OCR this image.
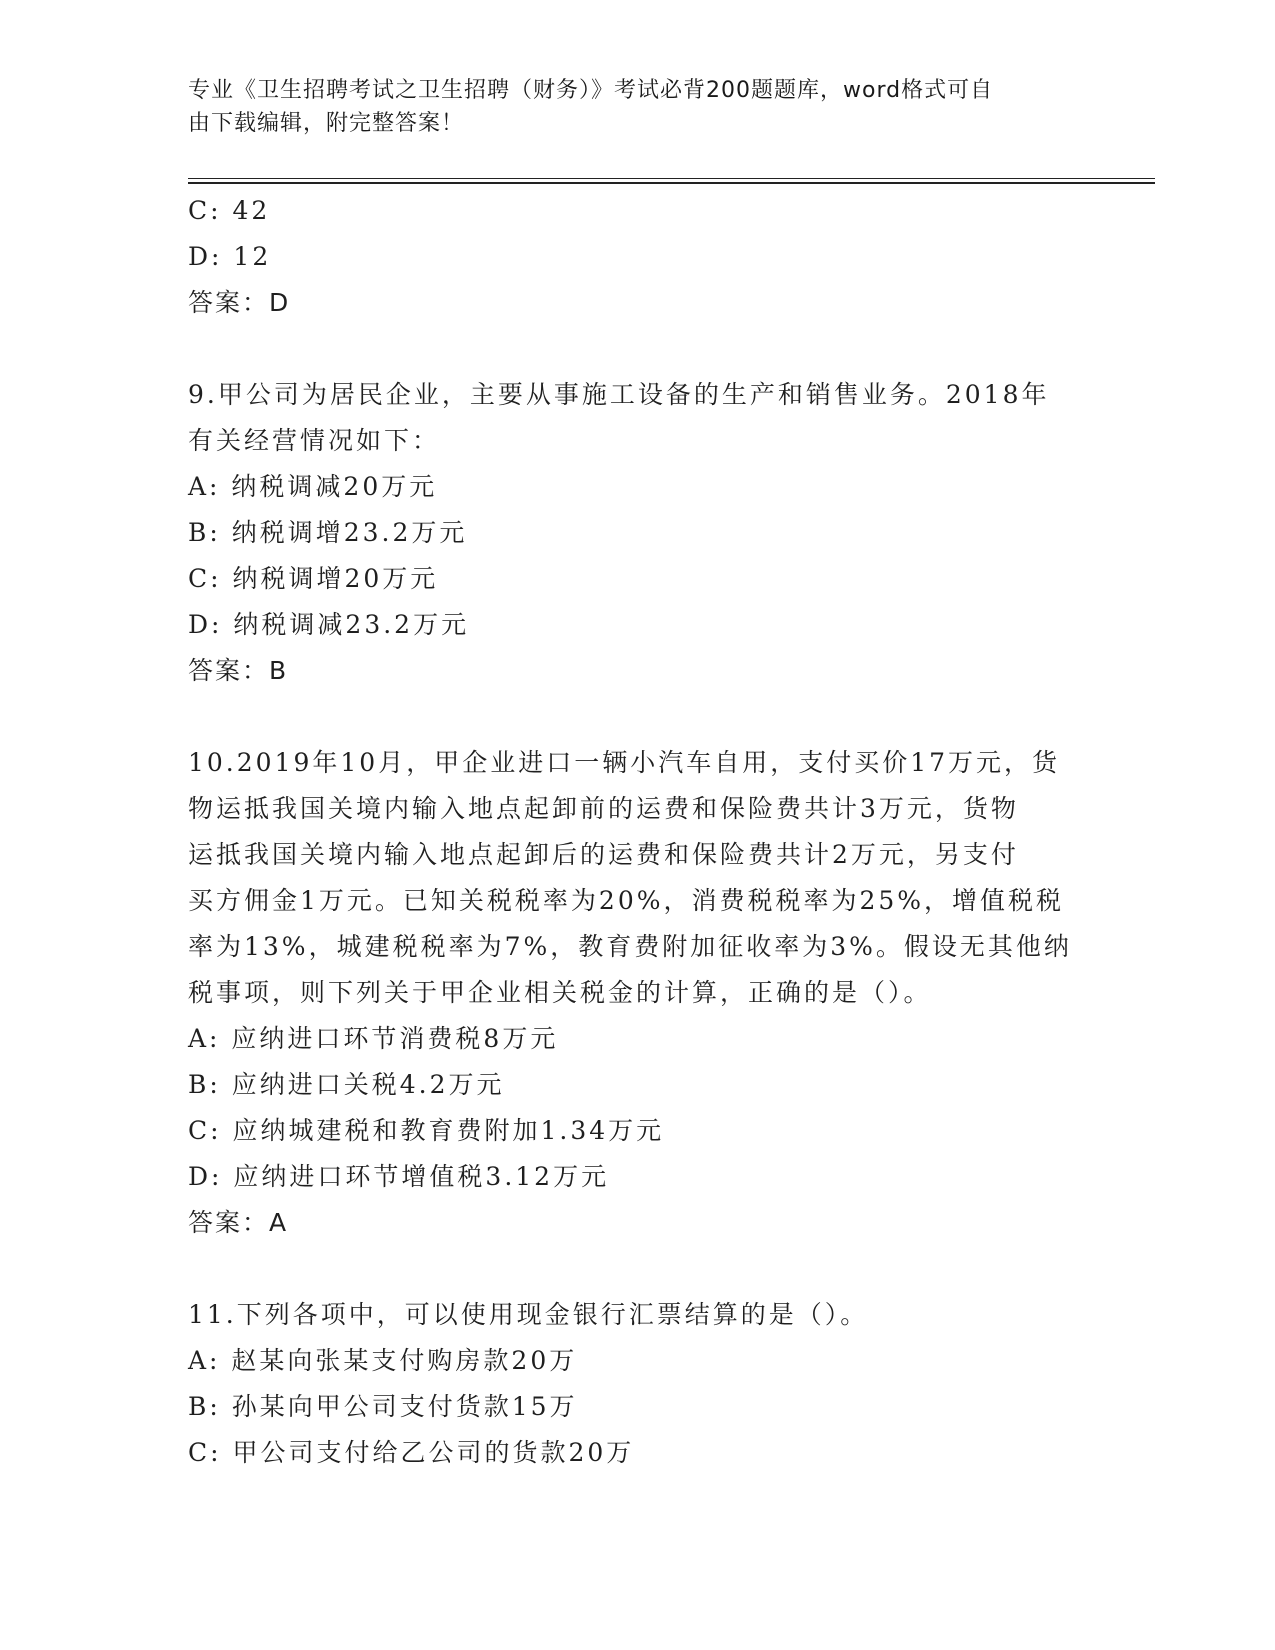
专业《卫生招聘考试之卫生招聘（财务）》考试必背200题题库，word格式可自
由下载编辑，附完整答案！
C: 42
D: 12
答案：D
9.甲公司为居民企业，主要从事施工设备的生产和销售业务。2018年
有关经营情况如下：
A: 纳税调减20万元
B: 纳税调增23.2万元
C: 纳税调增20万元
D: 纳税调减23.2万元
答案：B
10.2019年10月，甲企业进口一辆小汽车自用，支付买价17万元，货
物运抵我国关境内输入地点起卸前的运费和保险费共计3万元，货物
运抵我国关境内输入地点起卸后的运费和保险费共计2万元，另支付
买方佣金1万元。已知关税税率为20%，消费税税率为25%，增值税税
率为13%，城建税税率为7%，教育费附加征收率为3%。假设无其他纳
税事项，则下列关于甲企业相关税金的计算，正确的是（）。
A: 应纳进口环节消费税8万元
B: 应纳进口关税4.2万元
C: 应纳城建税和教育费附加1.34万元
D: 应纳进口环节增值税3.12万元
答案：A
11.下列各项中，可以使用现金银行汇票结算的是（）。
A: 赵某向张某支付购房款20万
B: 孙某向甲公司支付货款15万
C: 甲公司支付给乙公司的货款20万
